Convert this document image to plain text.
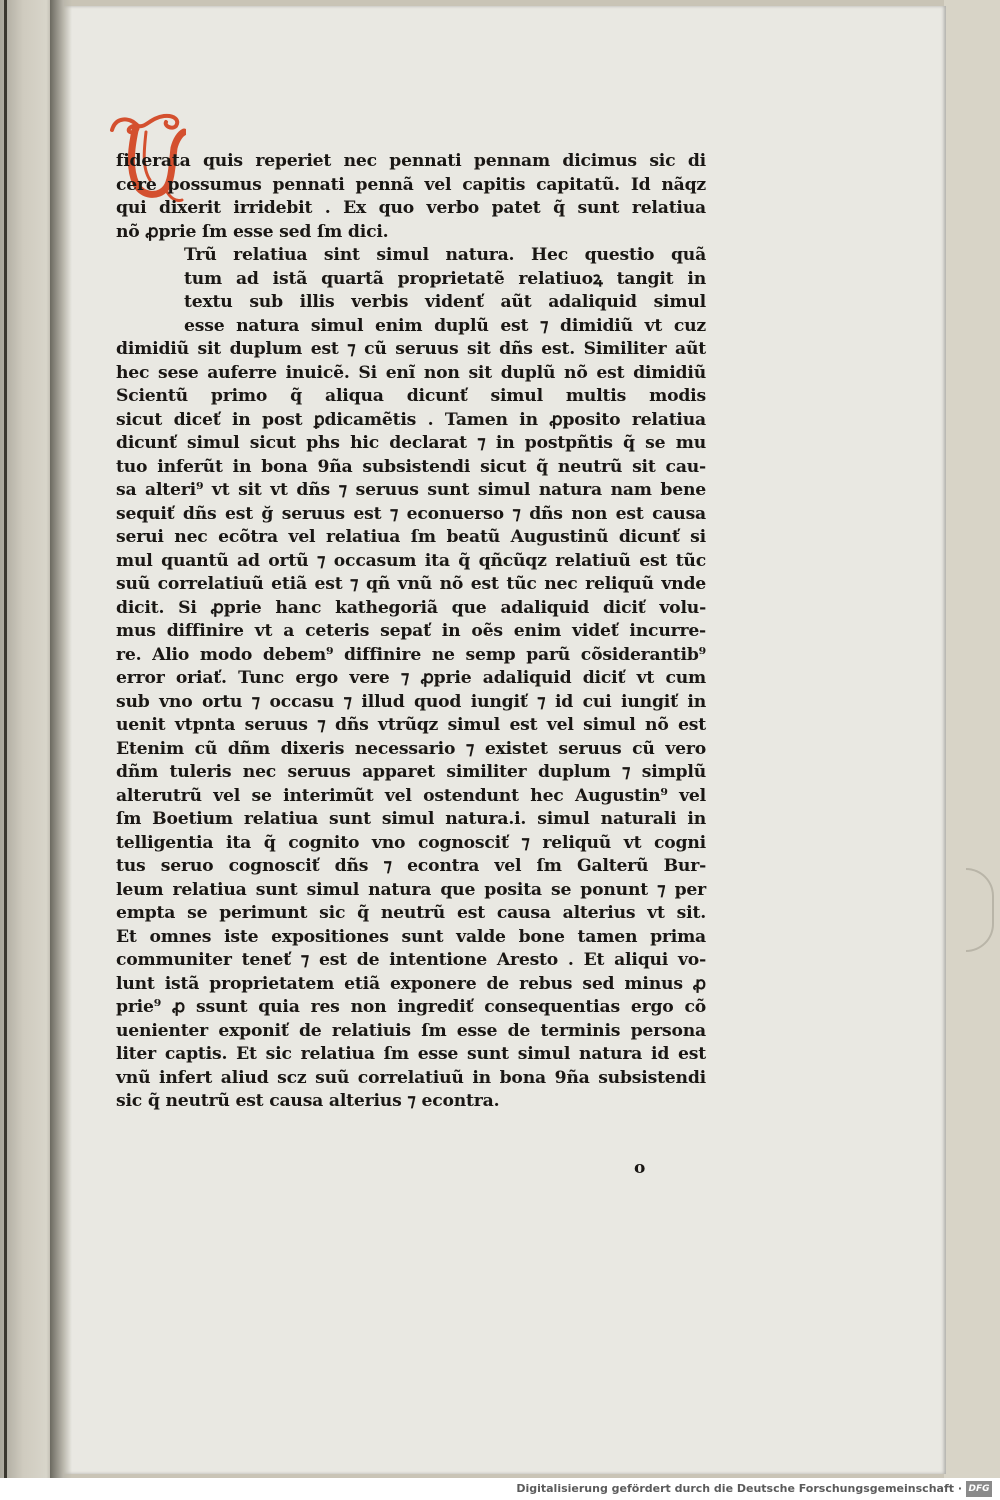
fiderata quis reperiet nec pennati pennam dicimus sic di
cere possumus pennati pennã vel capitis capitatũ. Id nãqz
qui dixerit irridebit . Ex quo verbo patet q̃ sunt relatiua
nõ ꝓprie ſm esse sed ſm dici.
Trũ relatiua sint simul natura. Hec questio quã
tum ad istã quartã proprietatẽ relatiuoꝝ tangit in
textu sub illis verbis videnť aũt adaliquid simul
esse natura simul enim duplũ est ⁊ dimidiũ vt cuz
dimidiũ sit duplum est ⁊ cũ seruus sit dñs est. Similiter aũt
hec sese auferre inuicẽ. Si enĩ non sit duplũ nõ est dimidiũ
Scientũ primo q̃ aliqua dicunť simul multis modis
sicut diceť in post ꝑdicamẽtis . Tamen in ꝓposito relatiua
dicunť simul sicut phs hic declarat ⁊ in postpñtis q̃ se mu
tuo inferũt in bona 9ña subsistendi sicut q̃ neutrũ sit cau-
sa alteri⁹ vt sit vt dñs ⁊ seruus sunt simul natura nam bene
sequiť dñs est ğ seruus est ⁊ econuerso ⁊ dñs non est causa
serui nec ecõtra vel relatiua ſm beatũ Augustinũ dicunť si
mul quantũ ad ortũ ⁊ occasum ita q̃ qñcũqz relatiuũ est tũc
suũ correlatiuũ etiã est ⁊ qñ vnũ nõ est tũc nec reliquũ vnde
dicit. Si ꝓprie hanc kathegoriã que adaliquid diciť volu-
mus diffinire vt a ceteris sepať in oẽs enim videť incurre-
re. Alio modo debem⁹ diffinire ne semp parũ cõsiderantib⁹
error oriať. Tunc ergo vere ⁊ ꝓprie adaliquid diciť vt cum
sub vno ortu ⁊ occasu ⁊ illud quod iungiť ⁊ id cui iungiť in
uenit vtpnta seruus ⁊ dñs vtrũqz simul est vel simul nõ est
Etenim cũ dñm dixeris necessario ⁊ existet seruus cũ vero
dñm tuleris nec seruus apparet similiter duplum ⁊ simplũ
alterutrũ vel se interimũt vel ostendunt hec Augustin⁹ vel
ſm Boetium relatiua sunt simul natura.i. simul naturali in
telligentia ita q̃ cognito vno cognosciť ⁊ reliquũ vt cogni
tus seruo cognosciť dñs ⁊ econtra vel ſm Galterũ Bur-
leum relatiua sunt simul natura que posita se ponunt ⁊ per
empta se perimunt sic q̃ neutrũ est causa alterius vt sit.
Et omnes iste expositiones sunt valde bone tamen prima
communiter teneť ⁊ est de intentione Aresto . Et aliqui vo-
lunt istã proprietatem etiã exponere de rebus sed minus ꝓ
prie⁹ ꝓ ssunt quia res non ingrediť consequentias ergo cõ
uenienter exponiť de relatiuis ſm esse de terminis persona
liter captis. Et sic relatiua ſm esse sunt simul natura id est
vnũ infert aliud scz suũ correlatiuũ in bona 9ña subsistendi
sic q̃ neutrũ est causa alterius ⁊ econtra.
o
Digitalisierung gefördert durch die Deutsche Forschungsgemeinschaft · DFG
